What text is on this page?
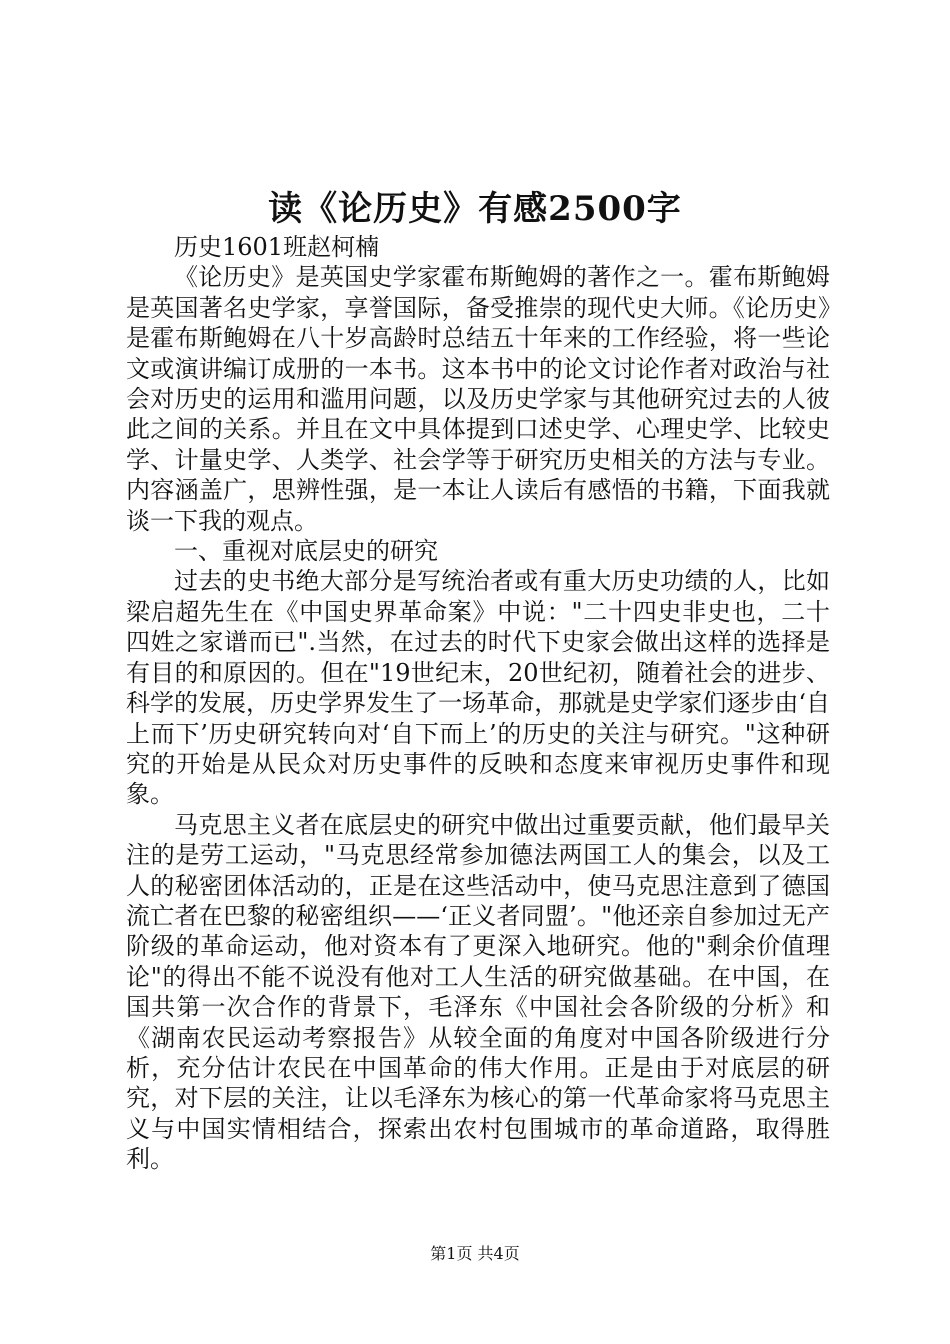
读《论历史》有感2500字

历史1601班赵柯楠

《论历史》是英国史学家霍布斯鲍姆的著作之一。霍布斯鲍姆是英国著名史学家，享誉国际，备受推崇的现代史大师。《论历史》是霍布斯鲍姆在八十岁高龄时总结五十年来的工作经验，将一些论文或演讲编订成册的一本书。这本书中的论文讨论作者对政治与社会对历史的运用和滥用问题，以及历史学家与其他研究过去的人彼此之间的关系。并且在文中具体提到口述史学、心理史学、比较史学、计量史学、人类学、社会学等于研究历史相关的方法与专业。内容涵盖广，思辨性强，是一本让人读后有感悟的书籍，下面我就谈一下我的观点。

一、重视对底层史的研究

过去的史书绝大部分是写统治者或有重大历史功绩的人，比如梁启超先生在《中国史界革命案》中说："二十四史非史也，二十四姓之家谱而已".当然，在过去的时代下史家会做出这样的选择是有目的和原因的。但在"19世纪末，20世纪初，随着社会的进步、科学的发展，历史学界发生了一场革命，那就是史学家们逐步由‘自上而下’历史研究转向对‘自下而上’的历史的关注与研究。"这种研究的开始是从民众对历史事件的反映和态度来审视历史事件和现象。

马克思主义者在底层史的研究中做出过重要贡献，他们最早关注的是劳工运动，"马克思经常参加德法两国工人的集会，以及工人的秘密团体活动的，正是在这些活动中，使马克思注意到了德国流亡者在巴黎的秘密组织——‘正义者同盟’。"他还亲自参加过无产阶级的革命运动，他对资本有了更深入地研究。他的"剩余价值理论"的得出不能不说没有他对工人生活的研究做基础。在中国，在国共第一次合作的背景下，毛泽东《中国社会各阶级的分析》和《湖南农民运动考察报告》从较全面的角度对中国各阶级进行分析，充分估计农民在中国革命的伟大作用。正是由于对底层的研究，对下层的关注，让以毛泽东为核心的第一代革命家将马克思主义与中国实情相结合，探索出农村包围城市的革命道路，取得胜利。

第1页 共4页
